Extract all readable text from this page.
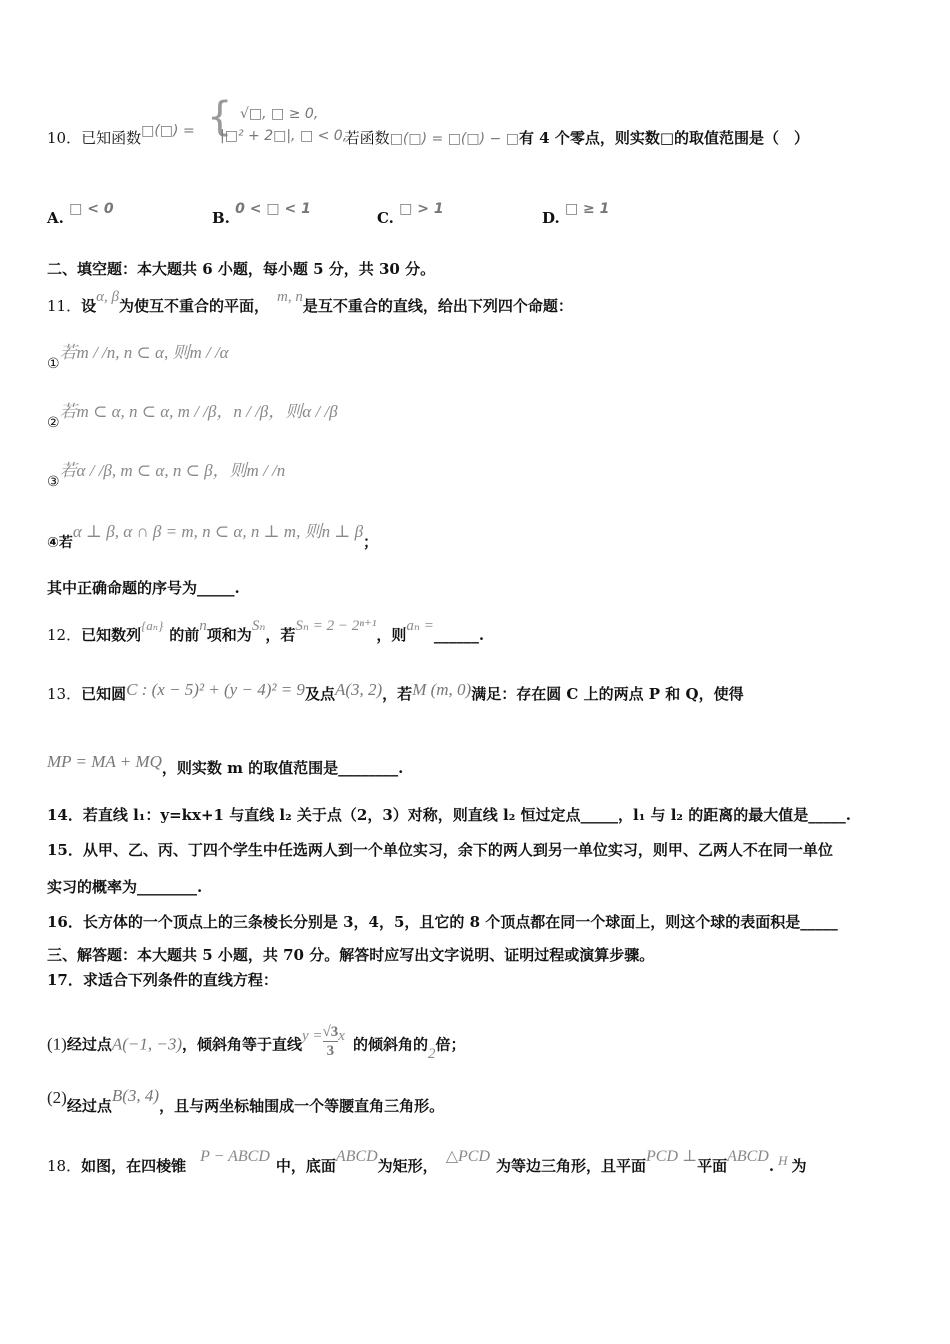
10．已知函数□(□) =	若函数□(□) = □(□) − □有 4 个零点，则实数□的取值范围是（　）
{ √□, □ ≥ 0,
|□² + 2□|, □ < 0,
A. □ < 0	B. 0 < □ < 1	C. □ > 1	D. □ ≥ 1
二、填空题：本大题共 6 小题，每小题 5 分，共 30 分。
11．设α, β为使互不重合的平面， m, n是互不重合的直线，给出下列四个命题：
①若m / /n, n ⊂ α, 则m / /α
②若m ⊂ α, n ⊂ α, m / /β，n / /β，则α / /β
③若α / /β, m ⊂ α, n ⊂ β，则m / /n
④若α ⊥ β, α ∩ β = m, n ⊂ α, n ⊥ m, 则n ⊥ β；
其中正确命题的序号为_____.
12．已知数列{aₙ}的前n项和为Sₙ，若Sₙ = 2 − 2ⁿ⁺¹，则aₙ =______.
13．已知圆C : (x − 5)² + (y − 4)² = 9及点A(3, 2)，若M (m, 0)满足：存在圆 C 上的两点 P 和 Q，使得
MP = MA + MQ，则实数 m 的取值范围是________.
14．若直线 l₁：y=kx+1 与直线 l₂ 关于点（2，3）对称，则直线 l₂ 恒过定点_____，l₁ 与 l₂ 的距离的最大值是_____.
15．从甲、乙、丙、丁四个学生中任选两人到一个单位实习，余下的两人到另一单位实习，则甲、乙两人不在同一单位
实习的概率为________.
16．长方体的一个顶点上的三条棱长分别是 3，4，5，且它的 8 个顶点都在同一个球面上，则这个球的表面积是_____
三、解答题：本大题共 5 小题，共 70 分。解答时应写出文字说明、证明过程或演算步骤。
17．求适合下列条件的直线方程：
(1)经过点A(−1, −3)，倾斜角等于直线$y = \frac{√3}{3}$ x 的倾斜角的2倍；
(2)经过点B(3, 4)，且与两坐标轴围成一个等腰直角三角形。
18．如图，在四棱锥P − ABCD中，底面ABCD为矩形，△PCD为等边三角形，且平面PCD ⊥平面ABCD. H 为
